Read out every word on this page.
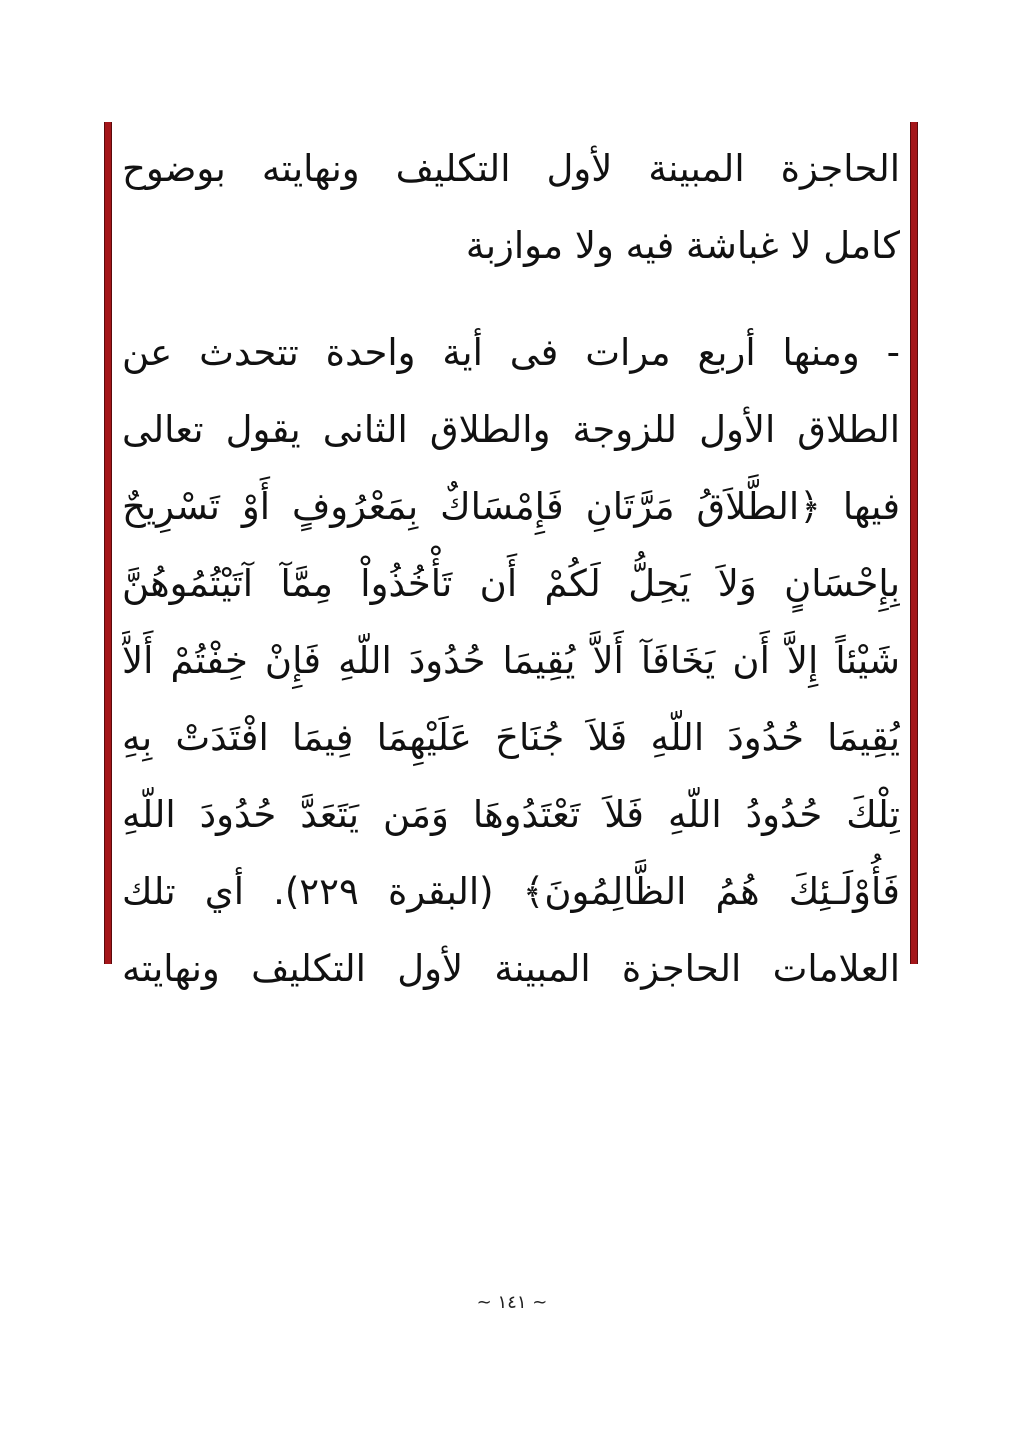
الحاجزة المبينة لأول التكليف ونهايته بوضوح
كامل لا غباشة فيه ولا موازبة
- ومنها أربع مرات فى أية واحدة تتحدث عن
الطلاق الأول للزوجة والطلاق الثانى يقول تعالى
فيها ﴿الطَّلاَقُ مَرَّتَانِ فَإِمْسَاكٌ بِمَعْرُوفٍ أَوْ تَسْرِيحٌ
بِإِحْسَانٍ وَلاَ يَحِلُّ لَكُمْ أَن تَأْخُذُواْ مِمَّآ آتَيْتُمُوهُنَّ
شَيْئاً إِلاَّ أَن يَخَافَآ أَلاَّ يُقِيمَا حُدُودَ اللّهِ فَإِنْ خِفْتُمْ أَلاَّ
يُقِيمَا حُدُودَ اللّهِ فَلاَ جُنَاحَ عَلَيْهِمَا فِيمَا افْتَدَتْ بِهِ
تِلْكَ حُدُودُ اللّهِ فَلاَ تَعْتَدُوهَا وَمَن يَتَعَدَّ حُدُودَ اللّهِ
فَأُوْلَـئِكَ هُمُ الظَّالِمُونَ﴾ (البقرة ٢٢٩). أي تلك
العلامات الحاجزة المبينة لأول التكليف ونهايته
~ ١٤١ ~
